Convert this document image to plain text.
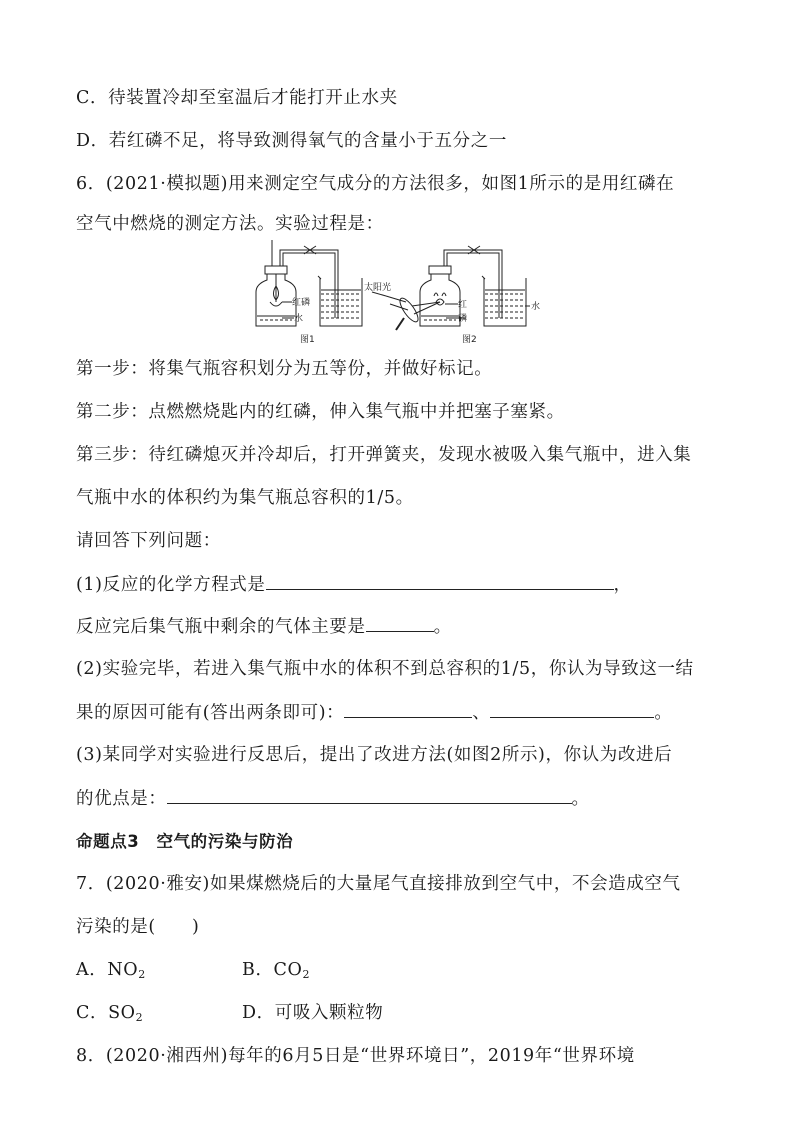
C．待装置冷却至室温后才能打开止水夹
D．若红磷不足，将导致测得氧气的含量小于五分之一
6．(2021·模拟题)用来测定空气成分的方法很多，如图1所示的是用红磷在
空气中燃烧的测定方法。实验过程是：
红磷
水
图1
太阳光
红
磷
水
图2
第一步：将集气瓶容积划分为五等份，并做好标记。
第二步：点燃燃烧匙内的红磷，伸入集气瓶中并把塞子塞紧。
第三步：待红磷熄灭并冷却后，打开弹簧夹，发现水被吸入集气瓶中，进入集
气瓶中水的体积约为集气瓶总容积的1/5。
请回答下列问题：
(1)反应的化学方程式是	，
反应完后集气瓶中剩余的气体主要是	。
(2)实验完毕，若进入集气瓶中水的体积不到总容积的1/5，你认为导致这一结
果的原因可能有(答出两条即可)：	、	。
(3)某同学对实验进行反思后，提出了改进方法(如图2所示)，你认为改进后
的优点是：	。
命题点3　空气的污染与防治
7．(2020·雅安)如果煤燃烧后的大量尾气直接排放到空气中，不会造成空气
污染的是(　　)
A．$NO_2$	B．$CO_2$
C．$SO_2$	D．可吸入颗粒物
8．(2020·湘西州)每年的6月5日是“世界环境日”，2019年“世界环境
